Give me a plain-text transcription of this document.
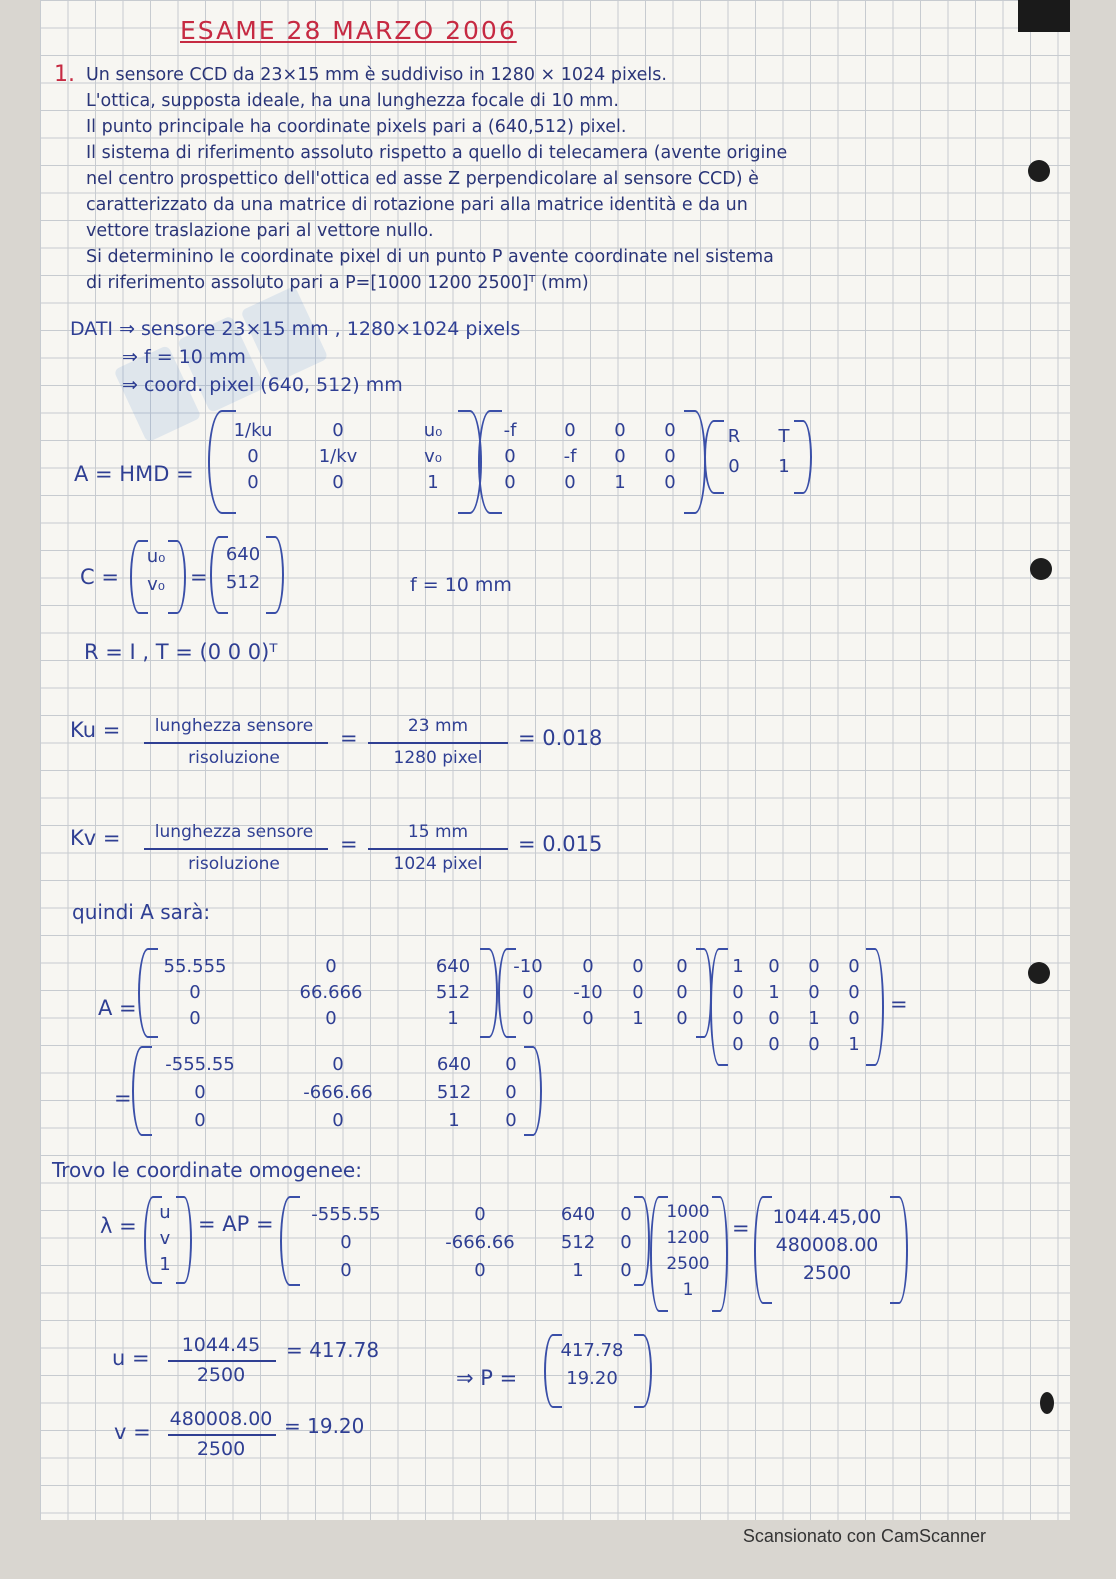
ESAME 28 MARZO 2006
1. Un sensore CCD da 23×15 mm è suddiviso in 1280 × 1024 pixels.
L'ottica, supposta ideale, ha una lunghezza focale di 10 mm.
Il punto principale ha coordinate pixels pari a (640,512) pixel.
Il sistema di riferimento assoluto rispetto a quello di telecamera (avente origine
nel centro prospettico dell'ottica ed asse Z perpendicolare al sensore CCD) è
caratterizzato da una matrice di rotazione pari alla matrice identità e da un
vettore traslazione pari al vettore nullo.
Si determinino le coordinate pixel di un punto P avente coordinate nel sistema
di riferimento assoluto pari a P=[1000 1200 2500]ᵀ (mm)
DATI ⇒ sensore 23×15 mm , 1280×1024 pixels
⇒ f = 10 mm
⇒ coord. pixel (640, 512) mm
A = HMD =
1/ku	0	u₀
0	1/kv	v₀
0	0	1
-f	0	0	0
0	-f	0	0
0	0	1	0
R	T
0	1
C =
u₀
v₀	=
640
512	f = 10 mm
R = I , T = (0 0 0)ᵀ
Ku =	lunghezza sensore
risoluzione
=	23 mm
1280 pixel
= 0.018
Kv =	lunghezza sensore
risoluzione
=	15 mm
1024 pixel
= 0.015
quindi A sarà:
A =
55.555	0	640
0	66.666	512
0	0	1
-10	0	0	0
0	-10	0	0
0	0	1	0
1	0	0	0
0	1	0	0
0	0	1	0
0	0	0	1
=
=
-555.55	0	640	0
0	-666.66	512	0
0	0	1	0
Trovo le coordinate omogenee:
λ =
u
v
1
= AP =	-555.55	0	640	0
0	-666.66	512	0
0	0	1	0
1000
1200
2500
1
=	1044.45,00
480008.00
2500
u =
1044.45
2500
= 417.78
⇒ P =
417.78
19.20
v =
480008.00
2500
= 19.20
Scansionato con CamScanner
